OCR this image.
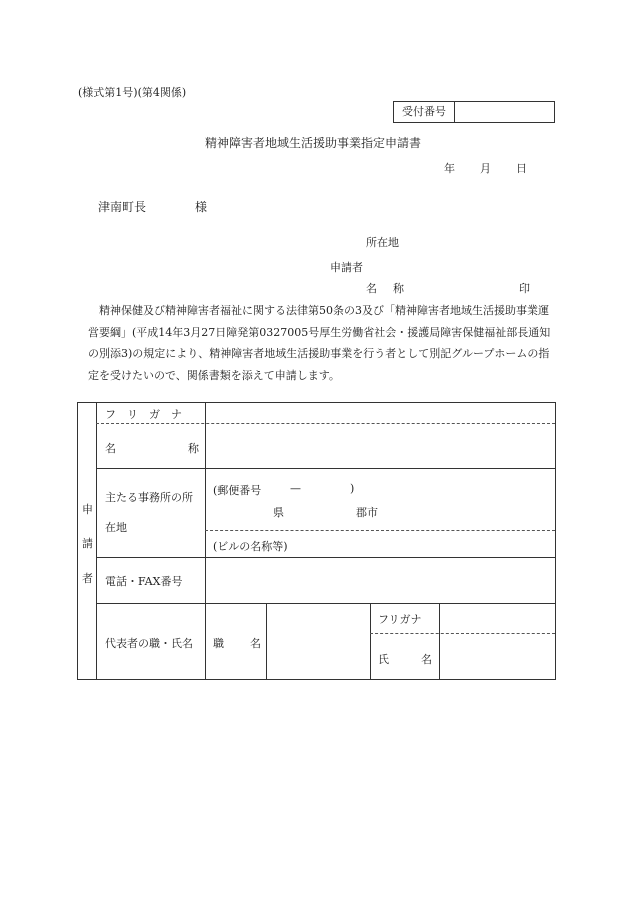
(様式第1号)(第4関係)
受付番号
精神障害者地域生活援助事業指定申請書
年 月 日
津南町長	様
所在地
申請者
名 称	印
精神保健及び精神障害者福祉に関する法律第50条の3及び「精神障害者地域生活援助事業運営要綱」(平成14年3月27日障発第0327005号厚生労働省社会・援護局障害保健福祉部長通知の別添3)の規定により、精神障害者地域生活援助事業を行う者として別記グループホームの指定を受けたいので、関係書類を添えて申請します。
申
請
者
フ　リ　ガ　ナ
名	称
主たる事務所の所
在地
(郵便番号	—	)
県	郡市
(ビルの名称等)
電話・FAX番号
代表者の職・氏名 職 名
フリガナ
氏	名
